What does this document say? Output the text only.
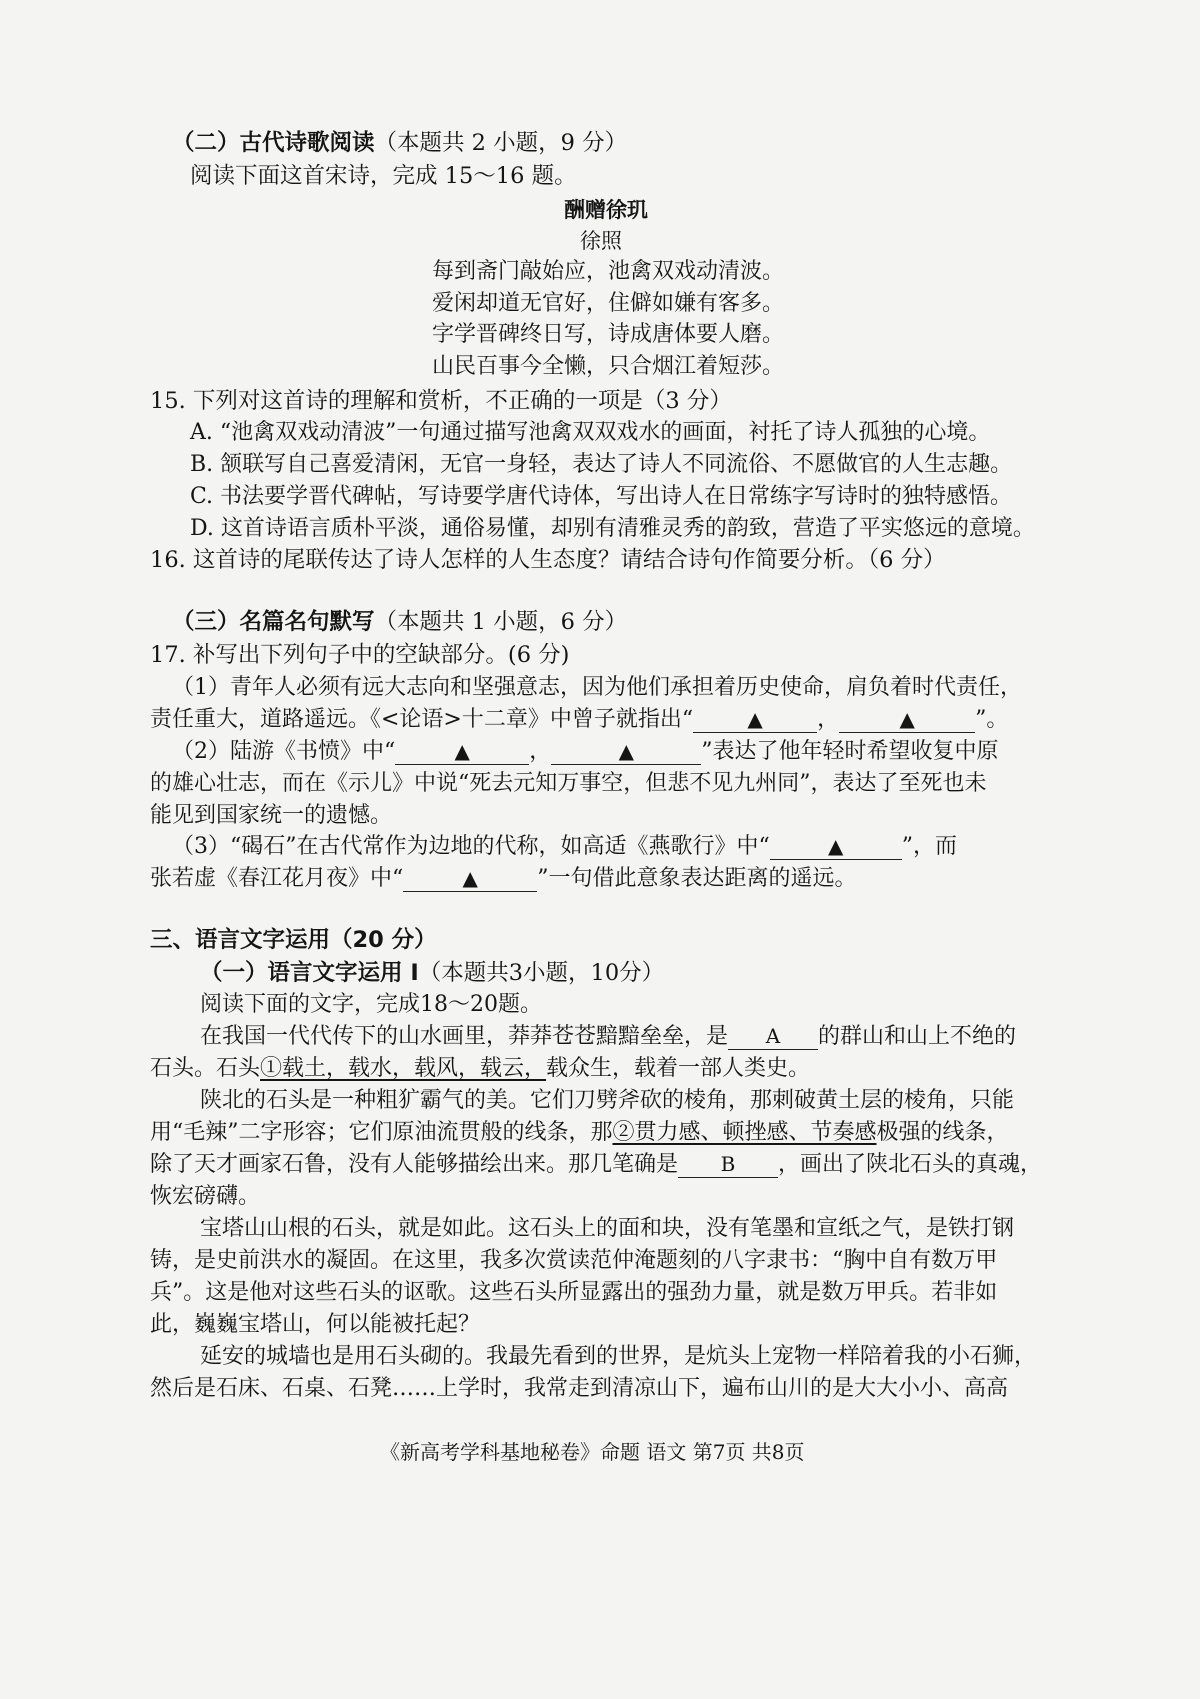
（二）古代诗歌阅读（本题共 2 小题，9 分）
阅读下面这首宋诗，完成 15～16 题。
酬赠徐玑
徐照
每到斋门敲始应，池禽双戏动清波。
爱闲却道无官好，住僻如嫌有客多。
字学晋碑终日写，诗成唐体要人磨。
山民百事今全懒，只合烟江着短莎。
15. 下列对这首诗的理解和赏析，不正确的一项是（3 分）
A. “池禽双戏动清波”一句通过描写池禽双双戏水的画面，衬托了诗人孤独的心境。
B. 颔联写自己喜爱清闲，无官一身轻，表达了诗人不同流俗、不愿做官的人生志趣。
C. 书法要学晋代碑帖，写诗要学唐代诗体，写出诗人在日常练字写诗时的独特感悟。
D. 这首诗语言质朴平淡，通俗易懂，却别有清雅灵秀的韵致，营造了平实悠远的意境。
16. 这首诗的尾联传达了诗人怎样的人生态度？请结合诗句作简要分析。（6 分）
（三）名篇名句默写（本题共 1 小题，6 分）
17. 补写出下列句子中的空缺部分。(6 分)
（1）青年人必须有远大志向和坚强意志，因为他们承担着历史使命，肩负着时代责任，
责任重大，道路遥远。《<论语>十二章》中曾子就指出“	▲ ，	▲	”。
（2）陆游《书愤》中“	▲	，	▲	”表达了他年轻时希望收复中原
的雄心壮志，而在《示儿》中说“死去元知万事空，但悲不见九州同”，表达了至死也未
能见到国家统一的遗憾。
（3）“碣石”在古代常作为边地的代称，如高适《燕歌行》中“	▲	”，而
张若虚《春江花月夜》中“	▲	”一句借此意象表达距离的遥远。
三、语言文字运用（20 分）
（一）语言文字运用 Ⅰ（本题共3小题，10分）
阅读下面的文字，完成18～20题。
在我国一代代传下的山水画里，莽莽苍苍黯黯垒垒，是 A 的群山和山上不绝的
石头。石头①载土，载水，载风，载云，载众生，载着一部人类史。
陕北的石头是一种粗犷霸气的美。它们刀劈斧砍的棱角，那刺破黄土层的棱角，只能
用“毛辣”二字形容；它们原油流贯般的线条，那②贯力感、顿挫感、节奏感极强的线条，
除了天才画家石鲁，没有人能够描绘出来。那几笔确是 B ，画出了陕北石头的真魂，
恢宏磅礴。
宝塔山山根的石头，就是如此。这石头上的面和块，没有笔墨和宣纸之气，是铁打钢
铸，是史前洪水的凝固。在这里，我多次赏读范仲淹题刻的八字隶书：“胸中自有数万甲
兵”。这是他对这些石头的讴歌。这些石头所显露出的强劲力量，就是数万甲兵。若非如
此，巍巍宝塔山，何以能被托起？
延安的城墙也是用石头砌的。我最先看到的世界，是炕头上宠物一样陪着我的小石狮，
然后是石床、石桌、石凳……上学时，我常走到清凉山下，遍布山川的是大大小小、高高
《新高考学科基地秘卷》命题 语文 第7页 共8页
